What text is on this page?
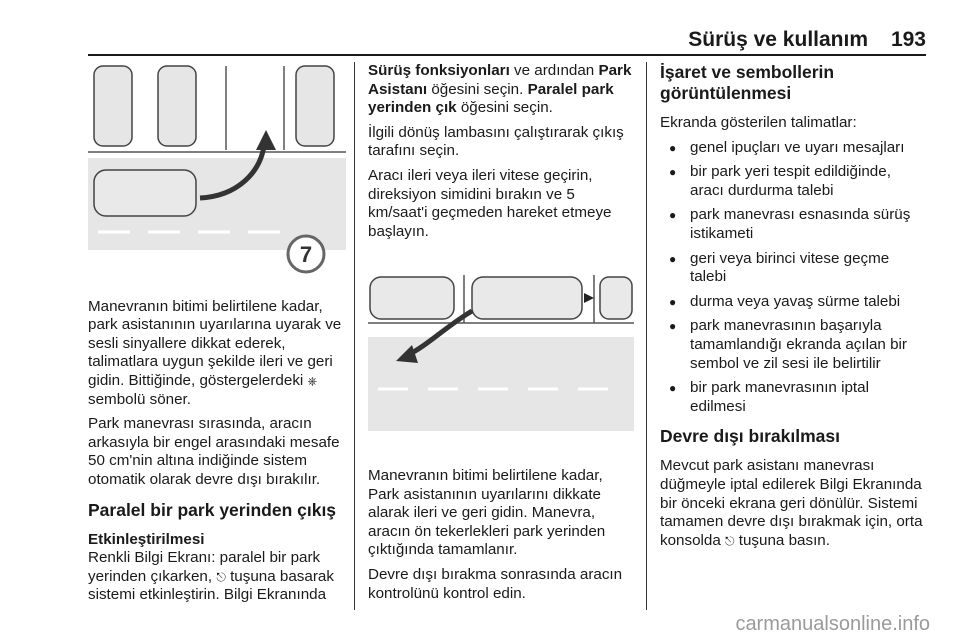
Sürüş ve kullanım 193
7

Manevranın bitimi belirtilene kadar, park asistanının uyarılarına uyarak ve sesli sinyallere dikkat ederek, talimatlara uygun şekilde ileri ve geri gidin. Bittiğinde, göstergelerdeki ⎈ sembolü söner.

Park manevrası sırasında, aracın arkasıyla bir engel arasındaki mesafe 50 cm'nin altına indiğinde sistem otomatik olarak devre dışı bırakılır.

Paralel bir park yerinden çıkış
Etkinleştirilmesi

Renkli Bilgi Ekranı: paralel bir park yerinden çıkarken, ⎋ tuşuna basarak sistemi etkinleştirin. Bilgi Ekranında

Sürüş fonksiyonları ve ardından Park Asistanı öğesini seçin. Paralel park yerinden çık öğesini seçin.

İlgili dönüş lambasını çalıştırarak çıkış tarafını seçin.

Aracı ileri veya ileri vitese geçirin, direksiyon simidini bırakın ve 5 km/saat'i geçmeden hareket etmeye başlayın.

Manevranın bitimi belirtilene kadar, Park asistanının uyarılarını dikkate alarak ileri ve geri gidin. Manevra, aracın ön tekerlekleri park yerinden çıktığında tamamlanır.

Devre dışı bırakma sonrasında aracın kontrolünü kontrol edin.

İşaret ve sembollerin görüntülenmesi

Ekranda gösterilen talimatlar:

● genel ipuçları ve uyarı mesajları
● bir park yeri tespit edildiğinde, aracı durdurma talebi
● park manevrası esnasında sürüş istikameti
● geri veya birinci vitese geçme talebi
● durma veya yavaş sürme talebi
● park manevrasının başarıyla tamamlandığı ekranda açılan bir sembol ve zil sesi ile belirtilir
● bir park manevrasının iptal edilmesi
Devre dışı bırakılması

Mevcut park asistanı manevrası düğmeyle iptal edilerek Bilgi Ekranında bir önceki ekrana geri dönülür. Sistemi tamamen devre dışı bırakmak için, orta konsolda ⎋ tuşuna basın.

carmanualsonline.info
